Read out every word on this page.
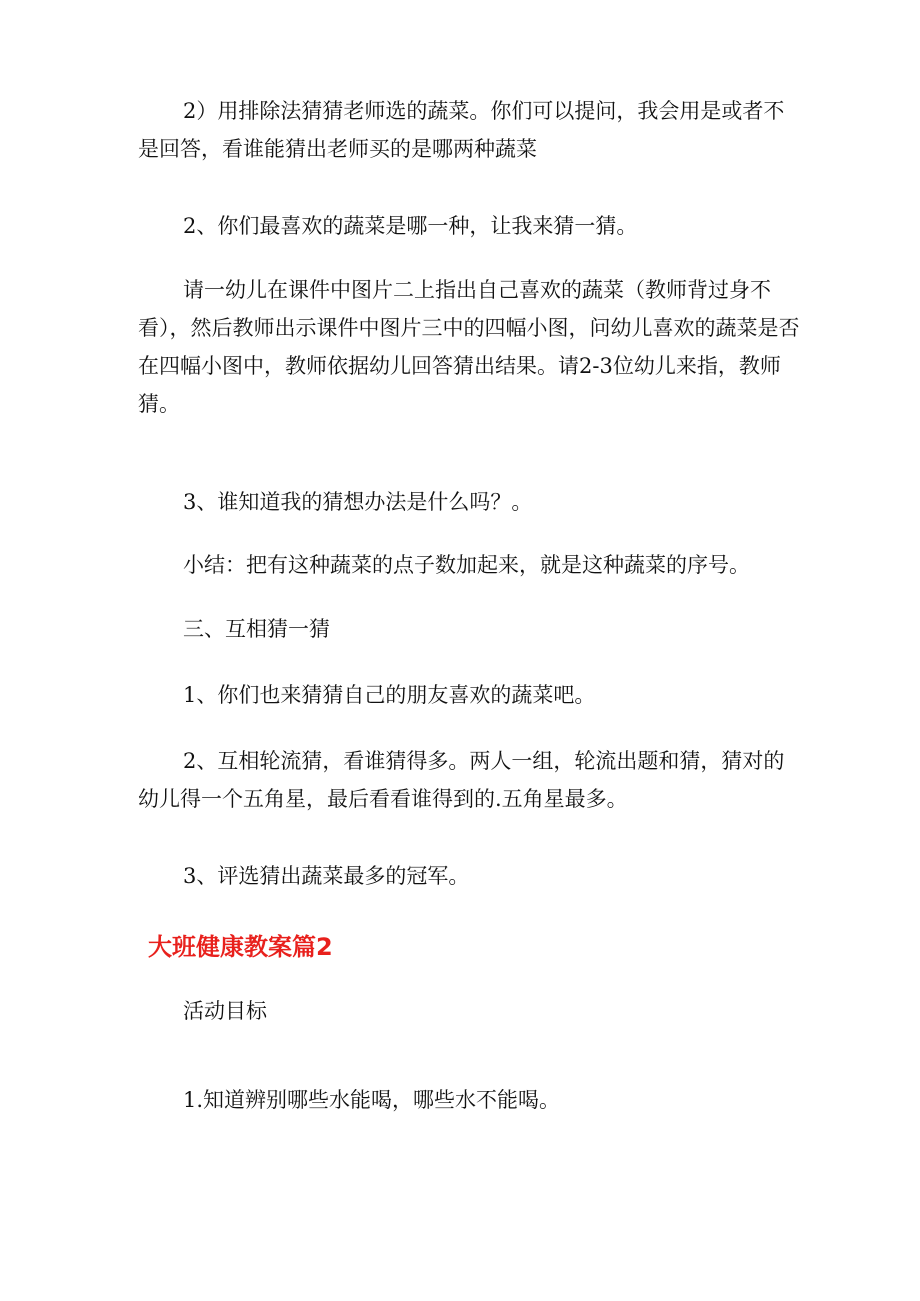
2）用排除法猜猜老师选的蔬菜。你们可以提问，我会用是或者不是回答，看谁能猜出老师买的是哪两种蔬菜

2、你们最喜欢的蔬菜是哪一种，让我来猜一猜。

请一幼儿在课件中图片二上指出自己喜欢的蔬菜（教师背过身不看），然后教师出示课件中图片三中的四幅小图，问幼儿喜欢的蔬菜是否在四幅小图中，教师依据幼儿回答猜出结果。请2-3位幼儿来指，教师猜。

3、谁知道我的猜想办法是什么吗？。

小结：把有这种蔬菜的点子数加起来，就是这种蔬菜的序号。

三、互相猜一猜

1、你们也来猜猜自己的朋友喜欢的蔬菜吧。

2、互相轮流猜，看谁猜得多。两人一组，轮流出题和猜，猜对的幼儿得一个五角星，最后看看谁得到的.五角星最多。

3、评选猜出蔬菜最多的冠军。

大班健康教案篇2

活动目标

1.知道辨别哪些水能喝，哪些水不能喝。
